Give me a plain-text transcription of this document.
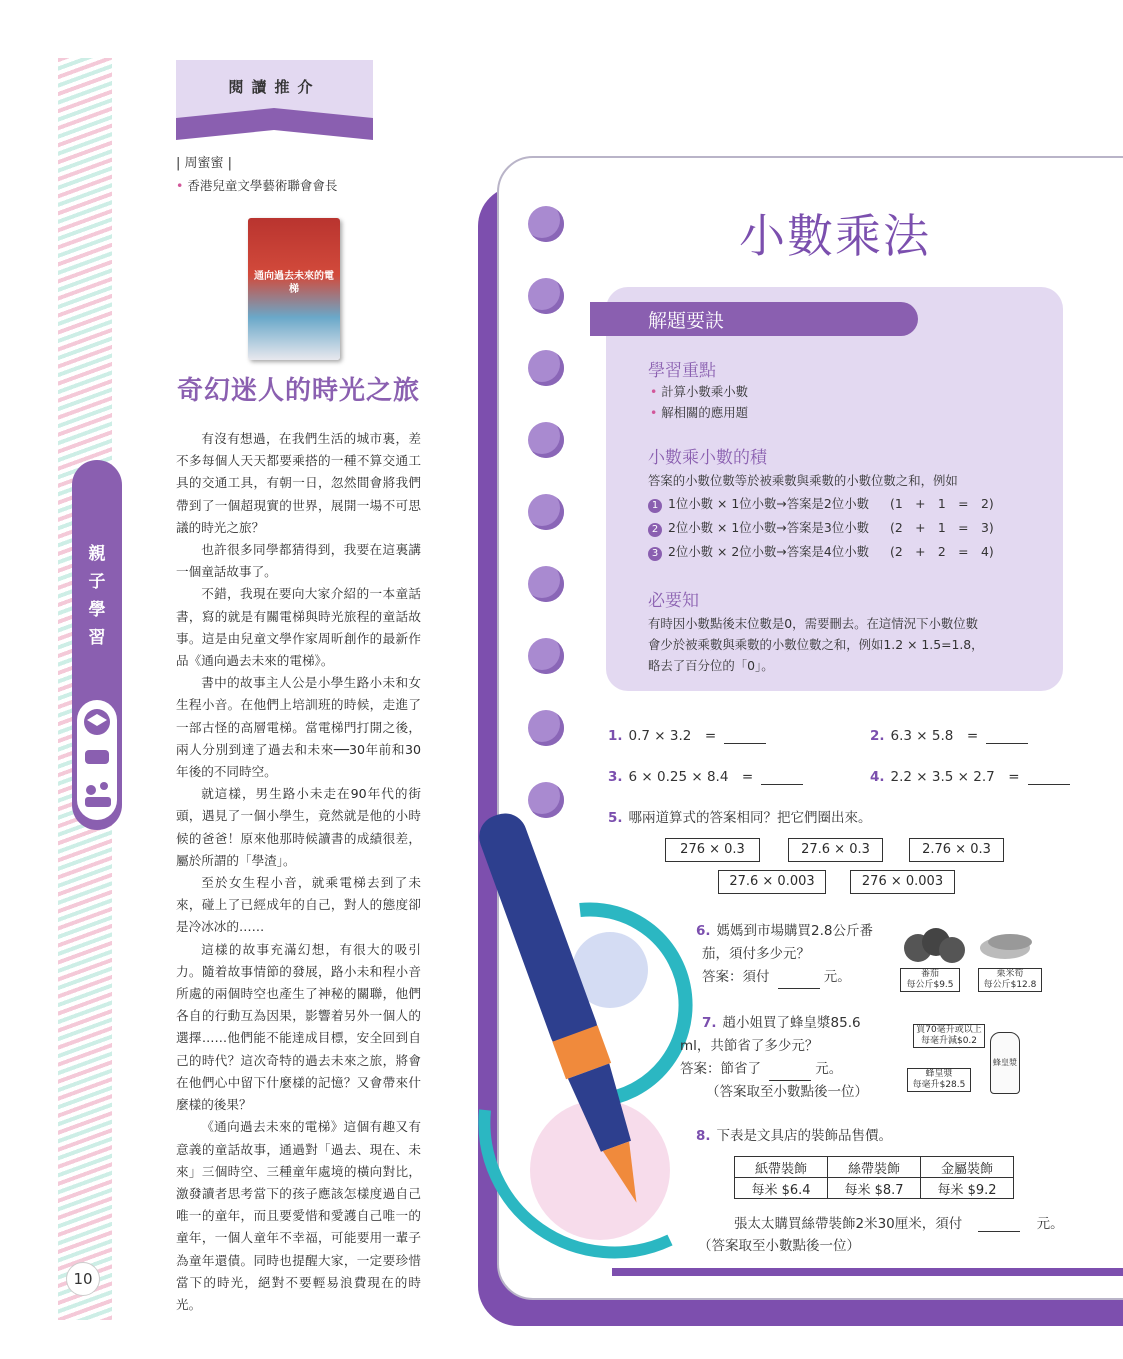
親
子
學
習
10
閱讀推介
| 周蜜蜜 |
• 香港兒童文學藝術聯會會長
通向過去未來的電梯
奇幻迷人的時光之旅

有沒有想過，在我們生活的城市裏，差不多每個人天天都要乘搭的一種不算交通工具的交通工具，有朝一日，忽然間會將我們帶到了一個超現實的世界，展開一場不可思議的時光之旅？

也許很多同學都猜得到，我要在這裏講一個童話故事了。

不錯，我現在要向大家介紹的一本童話書，寫的就是有關電梯與時光旅程的童話故事。這是由兒童文學作家周昕創作的最新作品《通向過去未來的電梯》。

書中的故事主人公是小學生路小未和女生程小音。在他們上培訓班的時候，走進了一部古怪的高層電梯。當電梯門打開之後，兩人分別到達了過去和未來──30年前和30年後的不同時空。

就這樣，男生路小未走在90年代的街頭，遇見了一個小學生，竟然就是他的小時候的爸爸！原來他那時候讀書的成績很差，屬於所謂的「學渣」。

至於女生程小音，就乘電梯去到了未來，碰上了已經成年的自己，對人的態度卻是冷冰冰的……

這樣的故事充滿幻想，有很大的吸引力。隨着故事情節的發展，路小未和程小音所處的兩個時空也產生了神秘的關聯，他們各自的行動互為因果，影響着另外一個人的選擇……他們能不能達成目標，安全回到自己的時代？這次奇特的過去未來之旅，將會在他們心中留下什麼樣的記憶？又會帶來什麼樣的後果？

《通向過去未來的電梯》這個有趣又有意義的童話故事，通過對「過去、現在、未來」三個時空、三種童年處境的橫向對比，激發讀者思考當下的孩子應該怎樣度過自己唯一的童年，而且要愛惜和愛護自己唯一的童年，一個人童年不幸福，可能要用一輩子為童年還債。同時也提醒大家，一定要珍惜當下的時光，絕對不要輕易浪費現在的時光。

小數乘法
解題要訣
學習重點
• 計算小數乘小數
• 解相關的應用題
小數乘小數的積
答案的小數位數等於被乘數與乘數的小數位數之和，例如
1 1位小數 × 1位小數→答案是2位小數 (1　+　1　=　2)
2 2位小數 × 1位小數→答案是3位小數 (2　+　1　=　3)
3 2位小數 × 2位小數→答案是4位小數 (2　+　2　=　4)
必要知
有時因小數點後末位數是0，需要刪去。在這情況下小數位數
會少於被乘數與乘數的小數位數之和，例如1.2 × 1.5=1.8，
略去了百分位的「0」。
1. 0.7 × 3.2　=	2. 6.3 × 5.8　=
3. 6 × 0.25 × 8.4　=	4. 2.2 × 3.5 × 2.7　=
5. 哪兩道算式的答案相同？把它們圈出來。
276 × 0.3	27.6 × 0.3	2.76 × 0.3
27.6 × 0.003	276 × 0.003
6. 媽媽到市場購買2.8公斤番
茄，須付多少元？
答案：須付	元。	番茄
每公斤$9.5
栗米筍
每公斤$12.8
7. 趙小姐買了蜂皇漿85.6
ml，共節省了多少元？
答案：節省了	元。
（答案取至小數點後一位）
買70毫升或以上
每毫升減$0.2
蜂皇漿
每毫升$28.5
蜂皇漿
8. 下表是文具店的裝飾品售價。
紙帶裝飾	絲帶裝飾	金屬裝飾
每米 $6.4	每米 $8.7	每米 $9.2
張太太購買絲帶裝飾2米30厘米，須付	元。
（答案取至小數點後一位）
